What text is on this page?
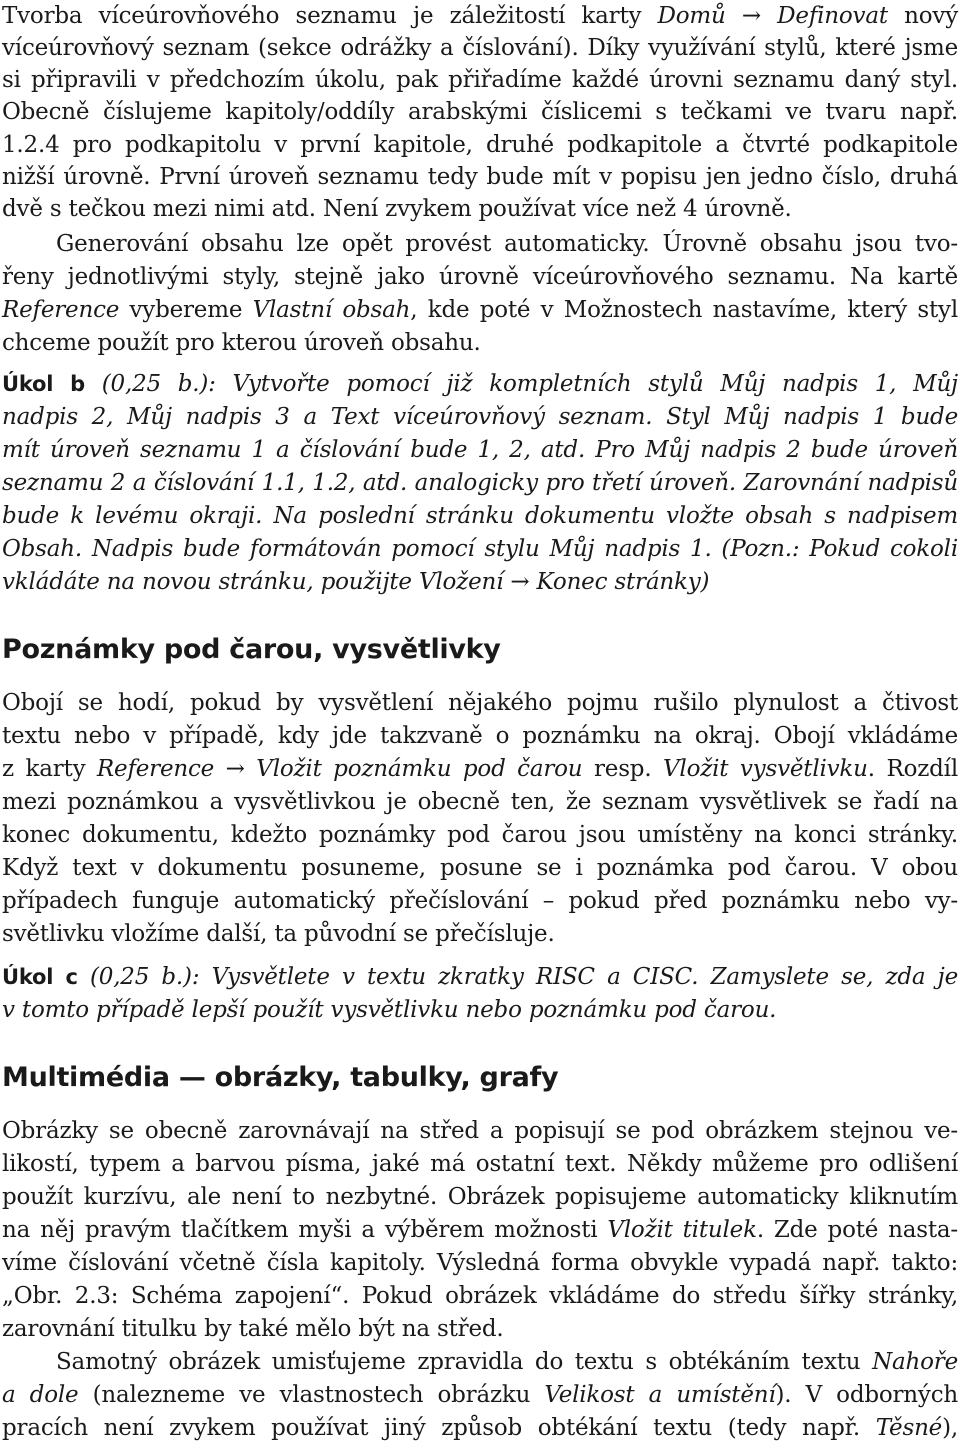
Tvorba víceúrovňového seznamu je záležitostí karty Domů → Definovat nový
víceúrovňový seznam (sekce odrážky a číslování). Díky využívání stylů, které jsme
si připravili v předchozím úkolu, pak přiřadíme každé úrovni seznamu daný styl.
Obecně číslujeme kapitoly/oddíly arabskými číslicemi s tečkami ve tvaru např.
1.2.4 pro podkapitolu v první kapitole, druhé podkapitole a čtvrté podkapitole
nižší úrovně. První úroveň seznamu tedy bude mít v popisu jen jedno číslo, druhá
dvě s tečkou mezi nimi atd. Není zvykem používat více než 4 úrovně.
Generování obsahu lze opět provést automaticky. Úrovně obsahu jsou tvo-
řeny jednotlivými styly, stejně jako úrovně víceúrovňového seznamu. Na kartě
Reference vybereme Vlastní obsah, kde poté v Možnostech nastavíme, který styl
chceme použít pro kterou úroveň obsahu.
Úkol b (0,25 b.): Vytvořte pomocí již kompletních stylů Můj nadpis 1, Můj
nadpis 2, Můj nadpis 3 a Text víceúrovňový seznam. Styl Můj nadpis 1 bude
mít úroveň seznamu 1 a číslování bude 1, 2, atd. Pro Můj nadpis 2 bude úroveň
seznamu 2 a číslování 1.1, 1.2, atd. analogicky pro třetí úroveň. Zarovnání nadpisů
bude k levému okraji. Na poslední stránku dokumentu vložte obsah s nadpisem
Obsah. Nadpis bude formátován pomocí stylu Můj nadpis 1. (Pozn.: Pokud cokoli
vkládáte na novou stránku, použijte Vložení → Konec stránky)
Poznámky pod čarou, vysvětlivky
Obojí se hodí, pokud by vysvětlení nějakého pojmu rušilo plynulost a čtivost
textu nebo v případě, kdy jde takzvaně o poznámku na okraj. Obojí vkládáme
z karty Reference → Vložit poznámku pod čarou resp. Vložit vysvětlivku. Rozdíl
mezi poznámkou a vysvětlivkou je obecně ten, že seznam vysvětlivek se řadí na
konec dokumentu, kdežto poznámky pod čarou jsou umístěny na konci stránky.
Když text v dokumentu posuneme, posune se i poznámka pod čarou. V obou
případech funguje automatický přečíslování – pokud před poznámku nebo vy-
světlivku vložíme další, ta původní se přečísluje.
Úkol c (0,25 b.): Vysvětlete v textu zkratky RISC a CISC. Zamyslete se, zda je
v tomto případě lepší použít vysvětlivku nebo poznámku pod čarou.
Multimédia — obrázky, tabulky, grafy
Obrázky se obecně zarovnávají na střed a popisují se pod obrázkem stejnou ve-
likostí, typem a barvou písma, jaké má ostatní text. Někdy můžeme pro odlišení
použít kurzívu, ale není to nezbytné. Obrázek popisujeme automaticky kliknutím
na něj pravým tlačítkem myši a výběrem možnosti Vložit titulek. Zde poté nasta-
víme číslování včetně čísla kapitoly. Výsledná forma obvykle vypadá např. takto:
„Obr. 2.3: Schéma zapojení“. Pokud obrázek vkládáme do středu šířky stránky,
zarovnání titulku by také mělo být na střed.
Samotný obrázek umisťujeme zpravidla do textu s obtékáním textu Nahoře
a dole (nalezneme ve vlastnostech obrázku Velikost a umístění). V odborných
pracích není zvykem používat jiný způsob obtékání textu (tedy např. Těsné),
